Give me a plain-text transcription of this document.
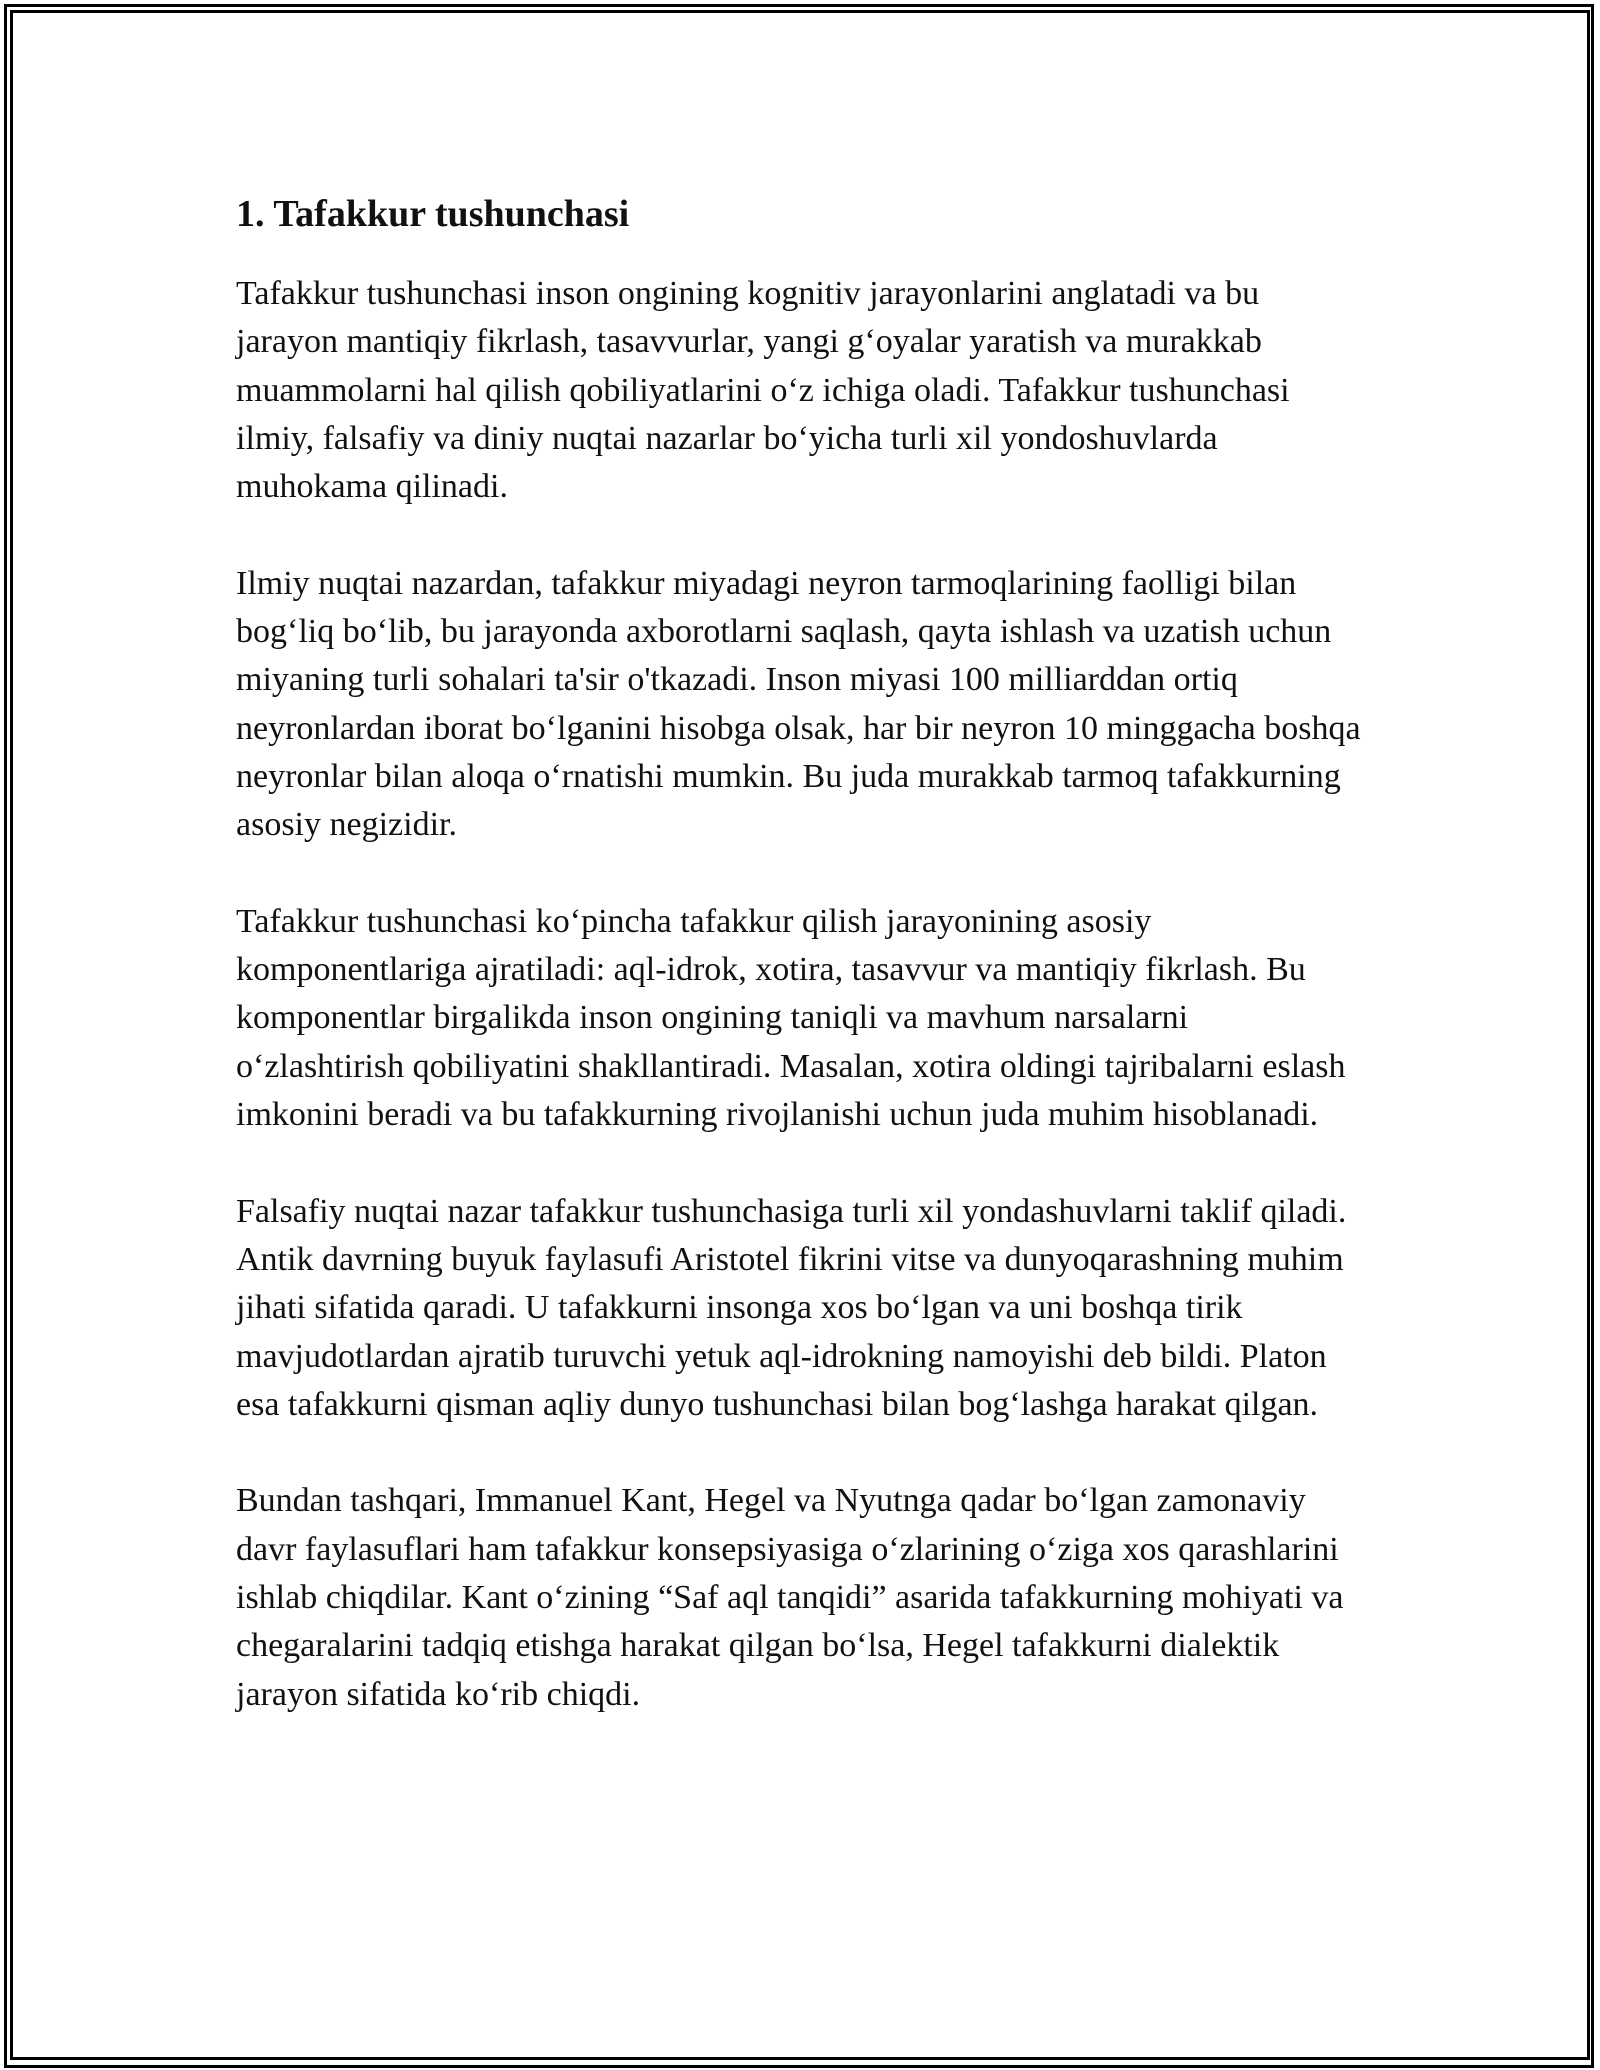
1. Tafakkur tushunchasi

Tafakkur tushunchasi inson ongining kognitiv jarayonlarini anglatadi va bu jarayon mantiqiy fikrlash, tasavvurlar, yangi g‘oyalar yaratish va murakkab muammolarni hal qilish qobiliyatlarini o‘z ichiga oladi. Tafakkur tushunchasi ilmiy, falsafiy va diniy nuqtai nazarlar bo‘yicha turli xil yondoshuvlarda muhokama qilinadi.

Ilmiy nuqtai nazardan, tafakkur miyadagi neyron tarmoqlarining faolligi bilan bog‘liq bo‘lib, bu jarayonda axborotlarni saqlash, qayta ishlash va uzatish uchun miyaning turli sohalari ta'sir o'tkazadi. Inson miyasi 100 milliarddan ortiq neyronlardan iborat bo‘lganini hisobga olsak, har bir neyron 10 minggacha boshqa neyronlar bilan aloqa o‘rnatishi mumkin. Bu juda murakkab tarmoq tafakkurning asosiy negizidir.

Tafakkur tushunchasi ko‘pincha tafakkur qilish jarayonining asosiy komponentlariga ajratiladi: aql-idrok, xotira, tasavvur va mantiqiy fikrlash. Bu komponentlar birgalikda inson ongining taniqli va mavhum narsalarni o‘zlashtirish qobiliyatini shakllantiradi. Masalan, xotira oldingi tajribalarni eslash imkonini beradi va bu tafakkurning rivojlanishi uchun juda muhim hisoblanadi.

Falsafiy nuqtai nazar tafakkur tushunchasiga turli xil yondashuvlarni taklif qiladi. Antik davrning buyuk faylasufi Aristotel fikrini vitse va dunyoqarashning muhim jihati sifatida qaradi. U tafakkurni insonga xos bo‘lgan va uni boshqa tirik mavjudotlardan ajratib turuvchi yetuk aql-idrokning namoyishi deb bildi. Platon esa tafakkurni qisman aqliy dunyo tushunchasi bilan bog‘lashga harakat qilgan.

Bundan tashqari, Immanuel Kant, Hegel va Nyutnga qadar bo‘lgan zamonaviy davr faylasuflari ham tafakkur konsepsiyasiga o‘zlarining o‘ziga xos qarashlarini ishlab chiqdilar. Kant o‘zining “Saf aql tanqidi” asarida tafakkurning mohiyati va chegaralarini tadqiq etishga harakat qilgan bo‘lsa, Hegel tafakkurni dialektik jarayon sifatida ko‘rib chiqdi.
